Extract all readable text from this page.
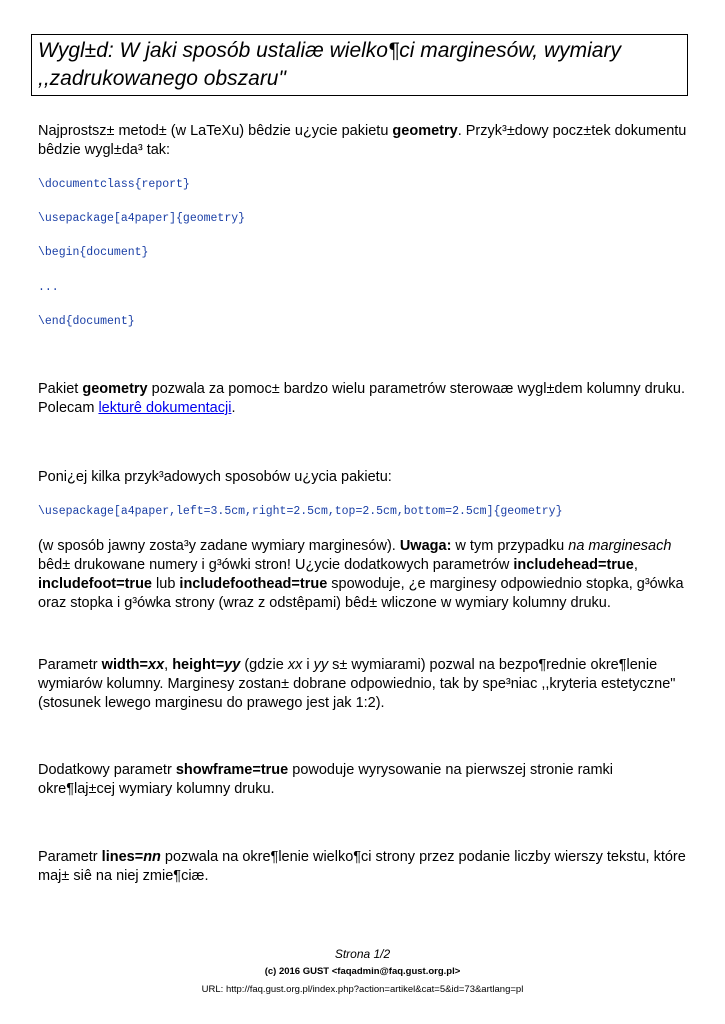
Wygl±d: W jaki sposób ustaliæ wielko¶ci marginesów, wymiary ,,zadrukowanego obszaru"
Najprostsz± metod± (w LaTeXu) bêdzie u¿ycie pakietu geometry. Przyk³±dowy pocz±tek dokumentu bêdzie wygl±da³ tak:
\documentclass{report}
\usepackage[a4paper]{geometry}
\begin{document}
...
\end{document}
Pakiet geometry pozwala za pomoc± bardzo wielu parametrów sterowaæ wygl±dem kolumny druku. Polecam lekturê dokumentacji.
Poni¿ej kilka przyk³adowych sposobów u¿ycia pakietu:
\usepackage[a4paper,left=3.5cm,right=2.5cm,top=2.5cm,bottom=2.5cm]{geometry}
(w sposób jawny zosta³y zadane wymiary marginesów). Uwaga: w tym przypadku na marginesach bêd± drukowane numery i g³ówki stron! U¿ycie dodatkowych parametrów includehead=true, includefoot=true lub includefoothead=true spowoduje, ¿e marginesy odpowiednio stopka, g³ówka oraz stopka i g³ówka strony (wraz z odstêpami) bêd± wliczone w wymiary kolumny druku.
Parametr width=xx, height=yy (gdzie xx i yy s± wymiarami) pozwal na bezpo¶rednie okre¶lenie wymiarów kolumny. Marginesy zostan± dobrane odpowiednio, tak by spe³niac ,,kryteria estetyczne" (stosunek lewego marginesu do prawego jest jak 1:2).
Dodatkowy parametr showframe=true powoduje wyrysowanie na pierwszej stronie ramki okre¶laj±cej wymiary kolumny druku.
Parametr lines=nn pozwala na okre¶lenie wielko¶ci strony przez podanie liczby wierszy tekstu, które maj± siê na niej zmie¶ciæ.
Strona 1/2
(c) 2016 GUST <faqadmin@faq.gust.org.pl>
URL: http://faq.gust.org.pl/index.php?action=artikel&cat=5&id=73&artlang=pl
